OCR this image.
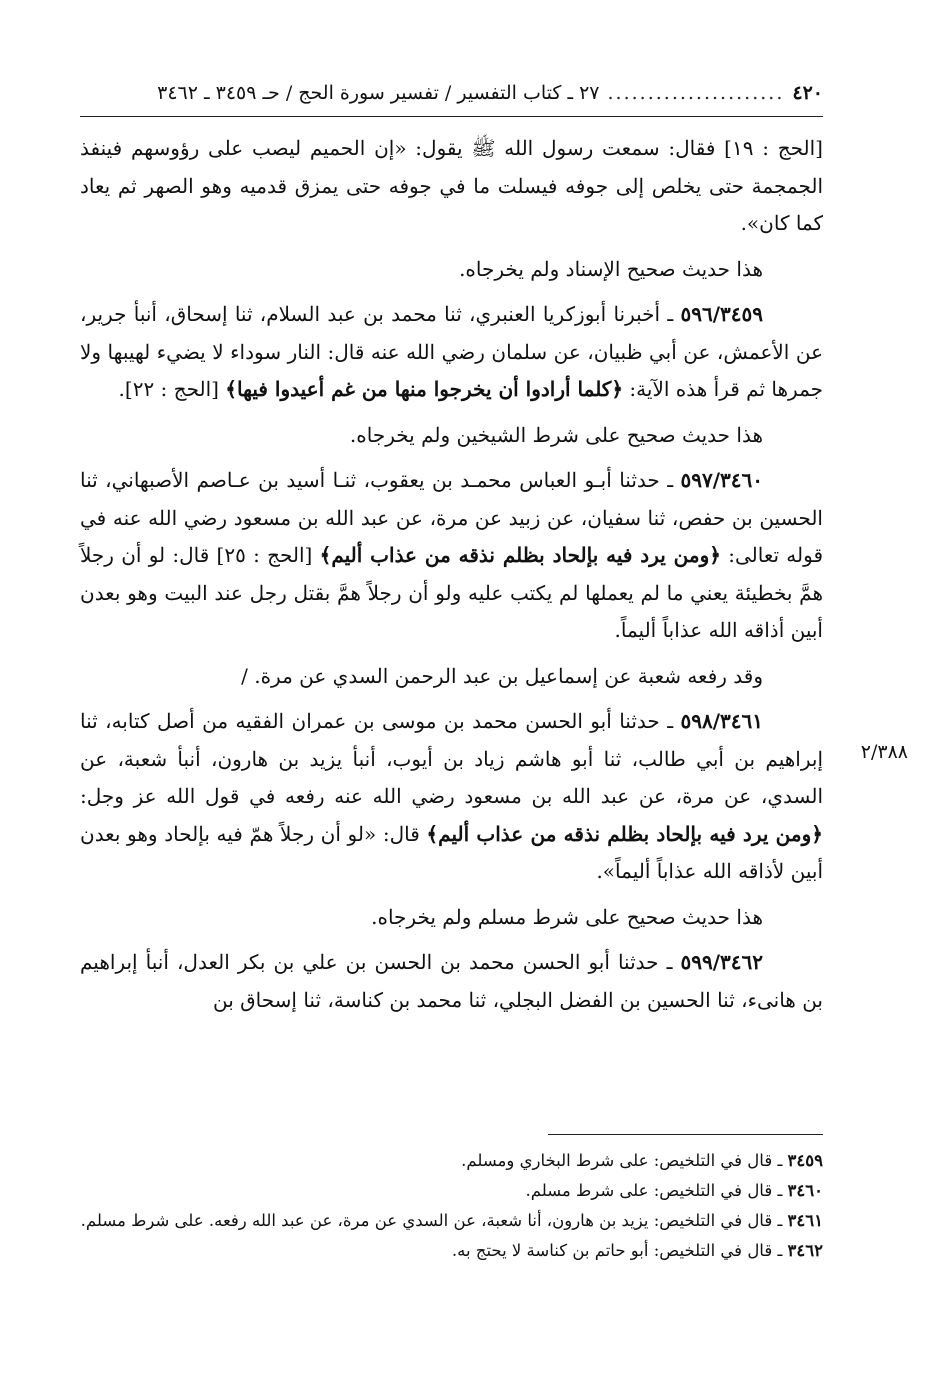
٤٢٠
......................
٢٧ ـ كتاب التفسير / تفسير سورة الحج / حـ ٣٤٥٩ ـ ٣٤٦٢

[الحج : ١٩] فقال: سمعت رسول الله ﷺ يقول: «إن الحميم ليصب على رؤوسهم فينفذ الجمجمة حتى يخلص إلى جوفه فيسلت ما في جوفه حتى يمزق قدميه وهو الصهر ثم يعاد كما كان».

هذا حديث صحيح الإسناد ولم يخرجاه.

٥٩٦/٣٤٥٩ ـ أخبرنا أبوزكريا العنبري، ثنا محمد بن عبد السلام، ثنا إسحاق، أنبأ جرير، عن الأعمش، عن أبي ظبيان، عن سلمان رضي الله عنه قال: النار سوداء لا يضيء لهيبها ولا جمرها ثم قرأ هذه الآية: ﴿كلما أرادوا أن يخرجوا منها من غم أعيدوا فيها﴾ [الحج : ٢٢].

هذا حديث صحيح على شرط الشيخين ولم يخرجاه.

٥٩٧/٣٤٦٠ ـ حدثنا أبـو العباس محمـد بن يعقوب، ثنـا أسيد بن عـاصم الأصبهاني، ثنا الحسين بن حفص، ثنا سفيان، عن زبيد عن مرة، عن عبد الله بن مسعود رضي الله عنه في قوله تعالى: ﴿ومن يرد فيه بإلحاد بظلم نذقه من عذاب أليم﴾ [الحج : ٢٥] قال: لو أن رجلاً همَّ بخطيئة يعني ما لم يعملها لم يكتب عليه ولو أن رجلاً همَّ بقتل رجل عند البيت وهو بعدن أبين أذاقه الله عذاباً أليماً.

وقد رفعه شعبة عن إسماعيل بن عبد الرحمن السدي عن مرة. /

٥٩٨/٣٤٦١ ـ حدثنا أبو الحسن محمد بن موسى بن عمران الفقيه من أصل كتابه، ثنا إبراهيم بن أبي طالب، ثنا أبو هاشم زياد بن أيوب، أنبأ يزيد بن هارون، أنبأ شعبة، عن السدي، عن مرة، عن عبد الله بن مسعود رضي الله عنه رفعه في قول الله عز وجل: ﴿ومن يرد فيه بإلحاد بظلم نذقه من عذاب أليم﴾ قال: «لو أن رجلاً همّ فيه بإلحاد وهو بعدن أبين لأذاقه الله عذاباً أليماً».

هذا حديث صحيح على شرط مسلم ولم يخرجاه.

٥٩٩/٣٤٦٢ ـ حدثنا أبو الحسن محمد بن الحسن بن علي بن بكر العدل، أنبأ إبراهيم بن هانىء، ثنا الحسين بن الفضل البجلي، ثنا محمد بن كناسة، ثنا إسحاق بن

٢/٣٨٨
٣٤٥٩ ـ قال في التلخيص: على شرط البخاري ومسلم.
٣٤٦٠ ـ قال في التلخيص: على شرط مسلم.
٣٤٦١ ـ قال في التلخيص: يزيد بن هارون، أنا شعبة، عن السدي عن مرة، عن عبد الله رفعه. على شرط مسلم.
٣٤٦٢ ـ قال في التلخيص: أبو حاتم بن كناسة لا يحتج به.
